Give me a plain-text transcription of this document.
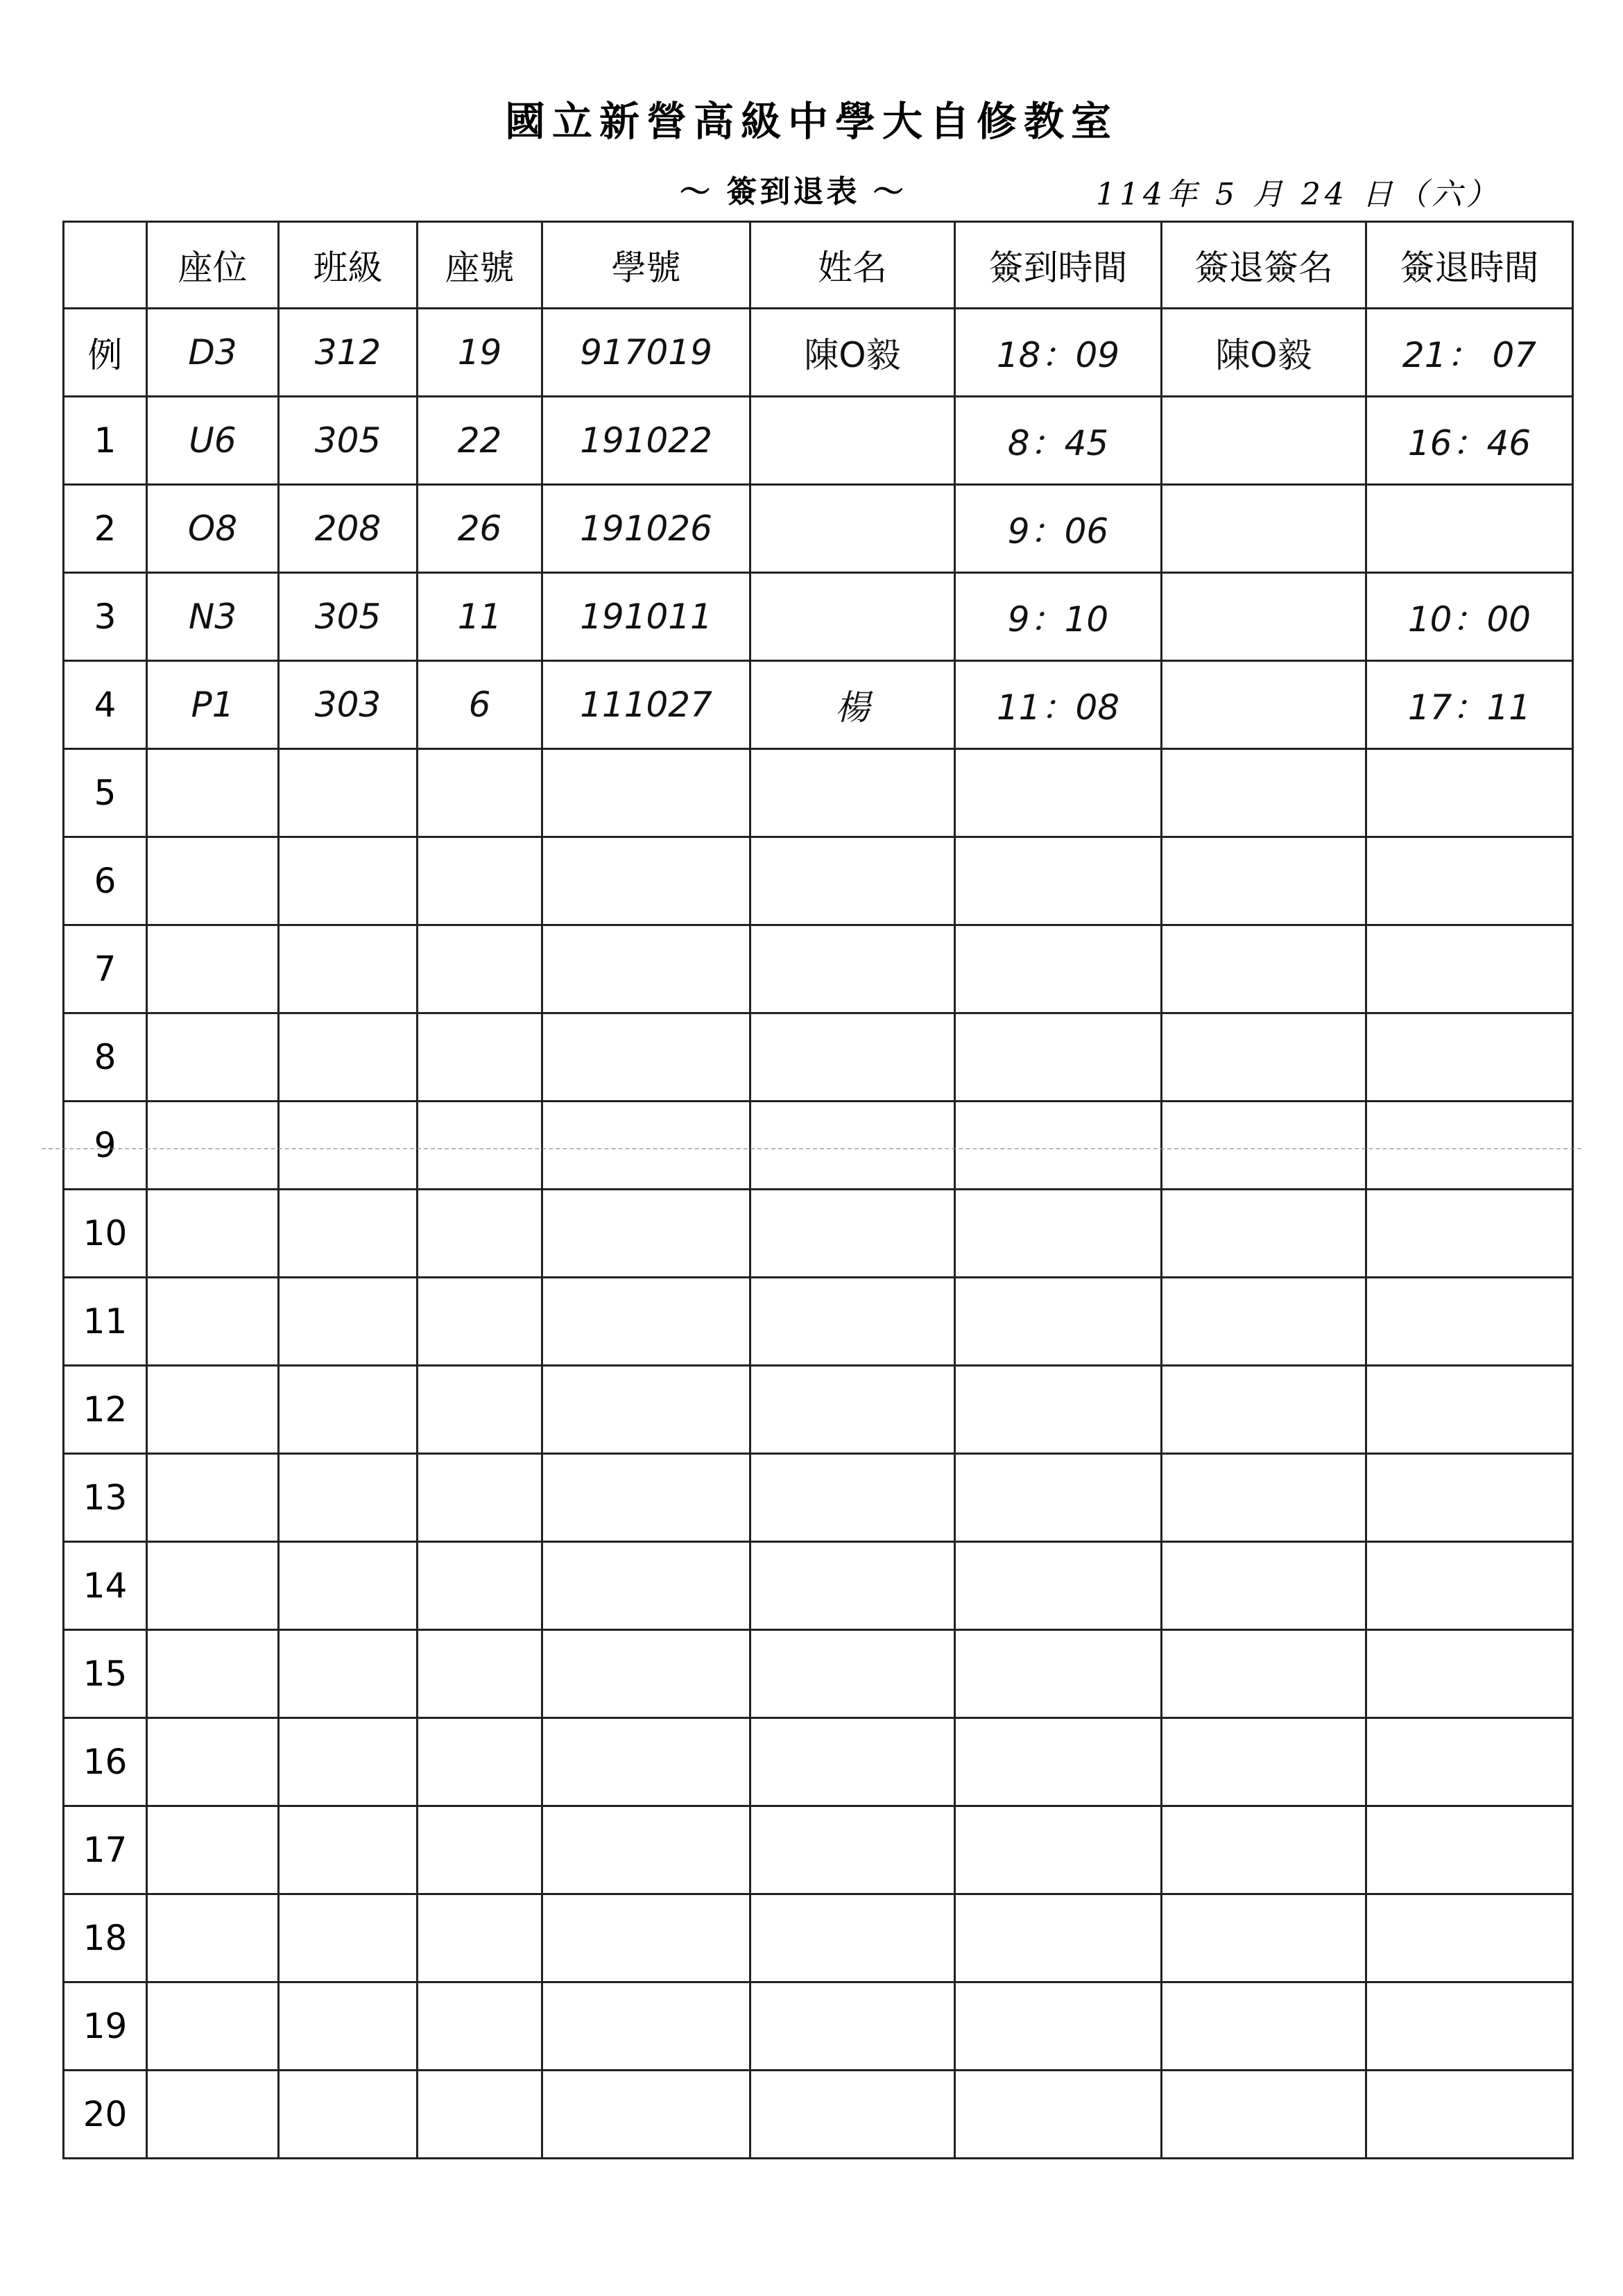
國立新營高級中學大自修教室
～ 簽到退表 ～	114年 5 月 24 日（六）
	座位	班級	座號	學號	姓名	簽到時間	簽退簽名	簽退時間
例	D3	312	19	917019	陳O毅	18：09	陳O毅	21： 07
1	U6	305	22	191022		8：45		16：46
2	O8	208	26	191026		9：06		
3	N3	305	11	191011		9：10		10：00
4	P1	303	6	111027	楊	11：08		17：11
5								
6								
7								
8								
9								
10								
11								
12								
13								
14								
15								
16								
17								
18								
19								
20								
